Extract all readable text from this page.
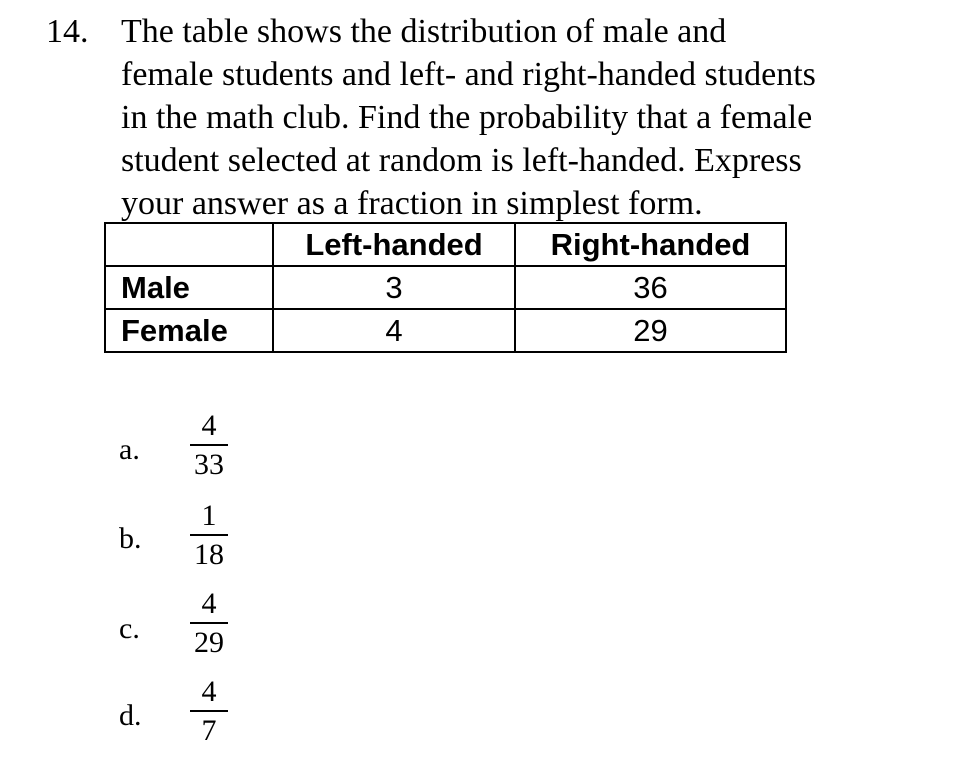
14. The table shows the distribution of male and
female students and left- and right-handed students
in the math club. Find the probability that a female
student selected at random is left-handed. Express
your answer as a fraction in simplest form.

	Left-handed	Right-handed
Male	3	36
Female	4	29
a.
4
33
b.
1
18
c.
4
29
d.
4
7
